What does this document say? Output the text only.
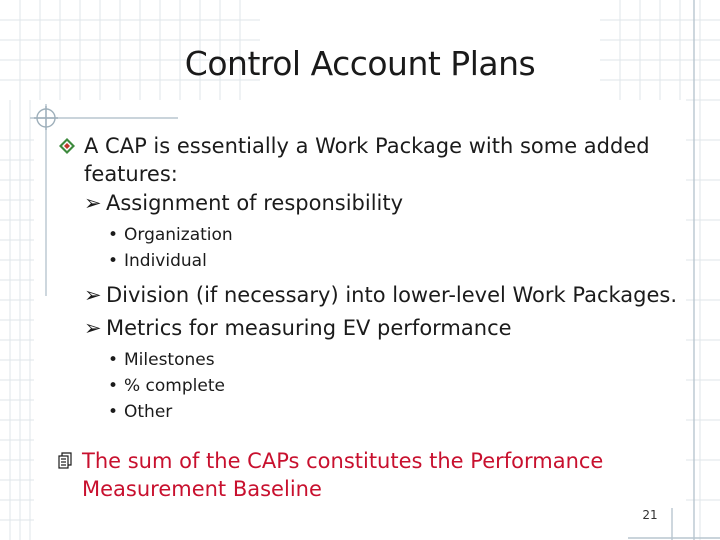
Control Account Plans
A CAP is essentially a Work Package with some added
features:
➢ Assignment of responsibility
• Organization
• Individual
➢ Division (if necessary) into lower-level Work Packages.
➢ Metrics for measuring EV performance
• Milestones
• % complete
• Other
The sum of the CAPs constitutes the Performance
Measurement Baseline
21
